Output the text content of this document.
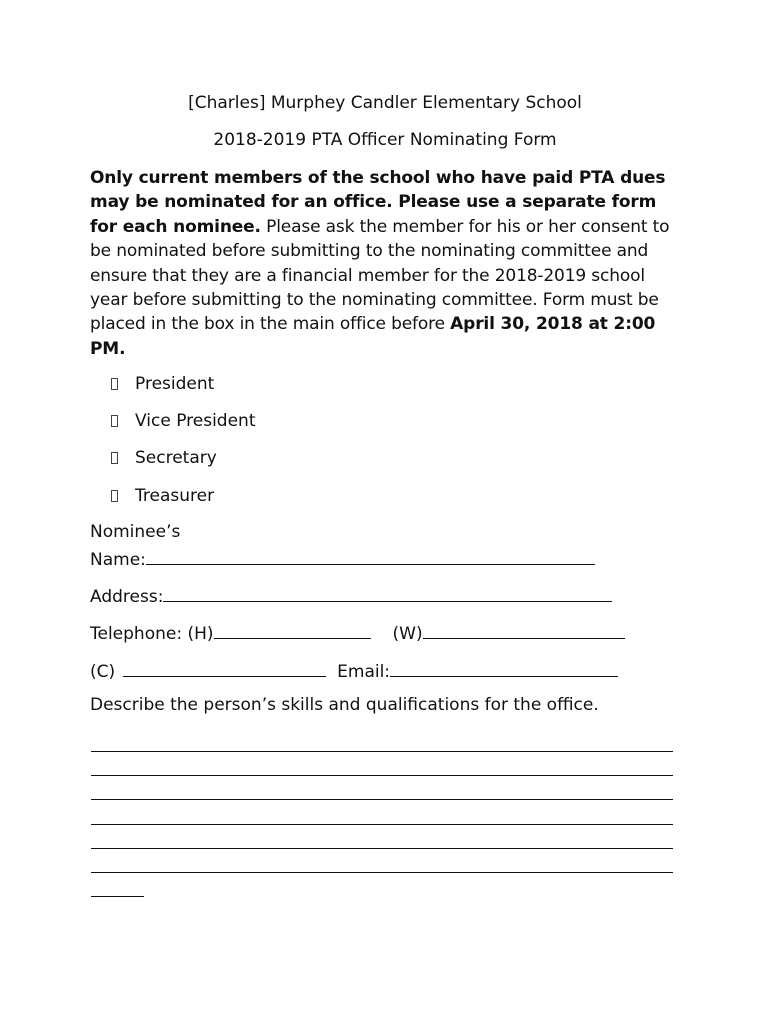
[Charles] Murphey Candler Elementary School
2018-2019 PTA Officer Nominating Form
Only current members of the school who have paid PTA dues may be nominated for an office. Please use a separate form for each nominee. Please ask the member for his or her consent to be nominated before submitting to the nominating committee and ensure that they are a financial member for the 2018-2019 school year before submitting to the nominating committee. Form must be placed in the box in the main office before April 30, 2018 at 2:00 PM.
President
Vice President
Secretary
Treasurer
Nominee’s
Name:
Address:
Telephone: (H)	(W)
(C)	Email:
Describe the person’s skills and qualifications for the office.
